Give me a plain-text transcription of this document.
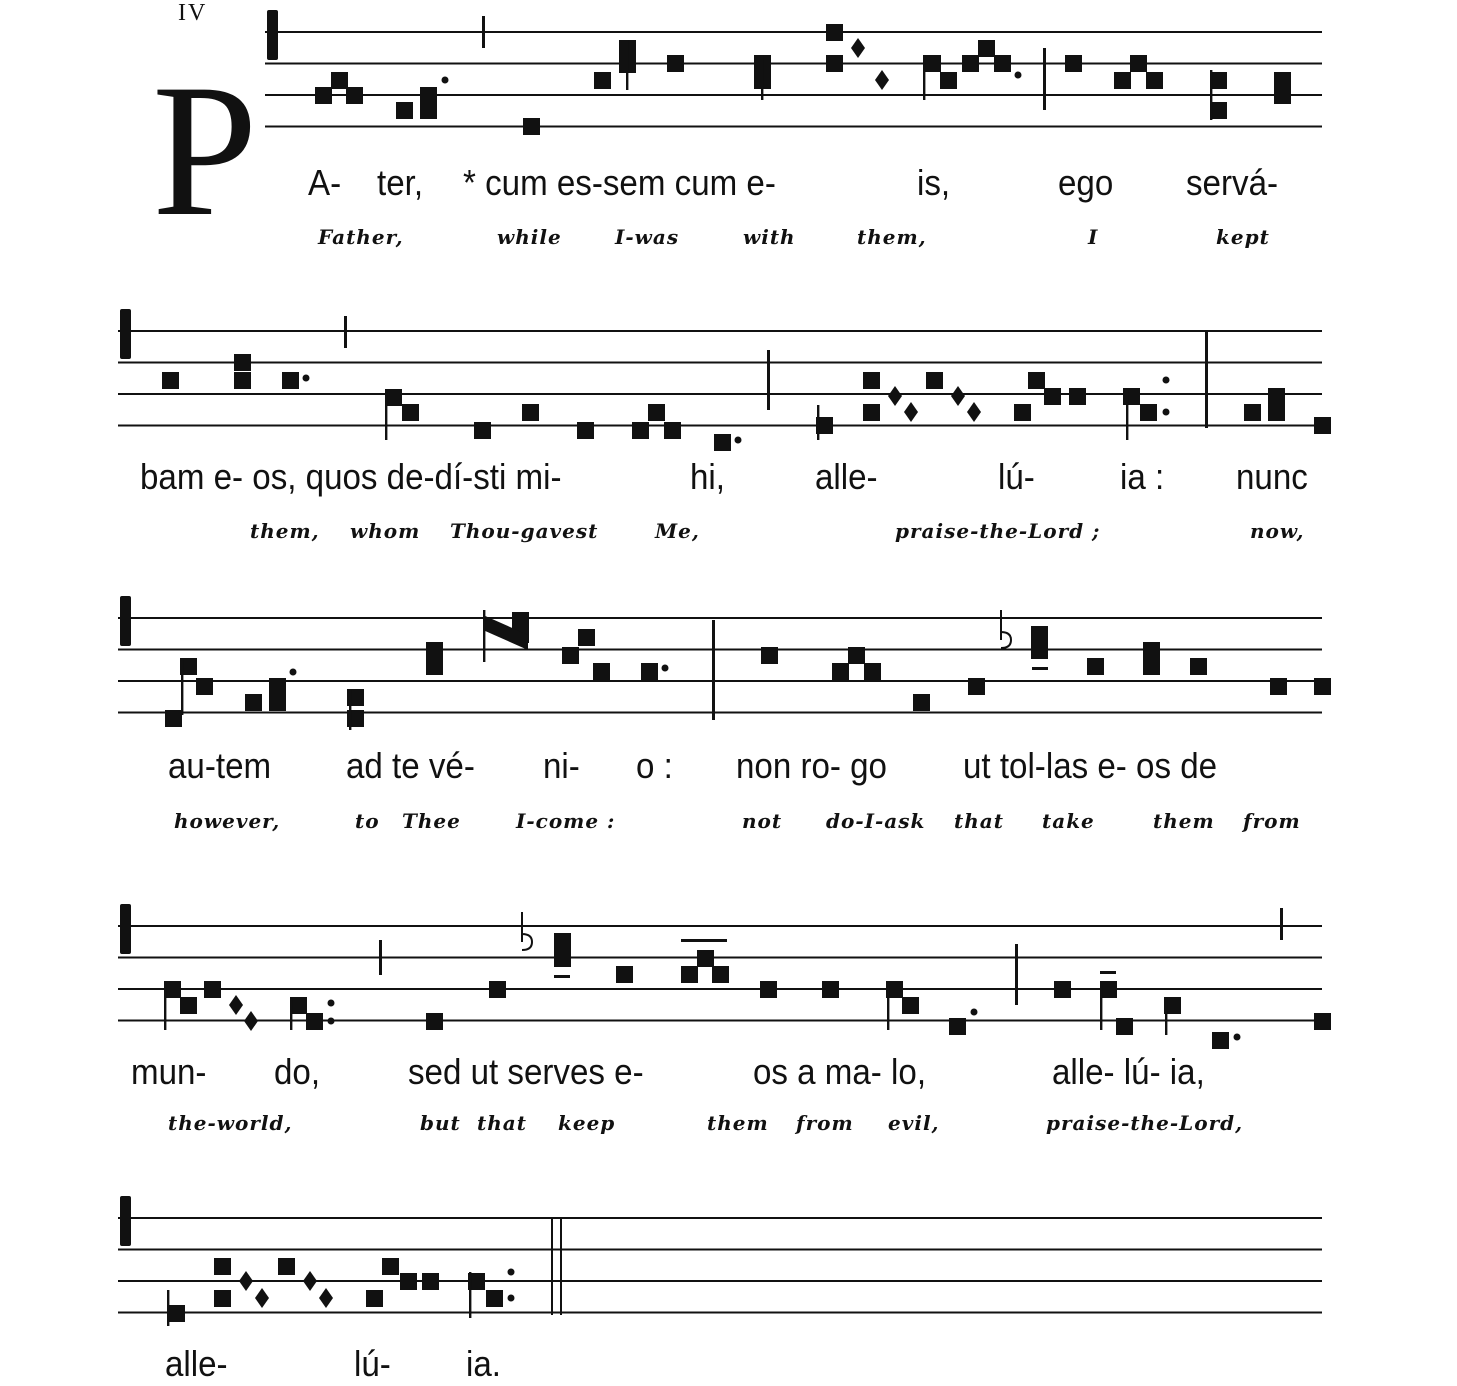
IV
P A- ter, * cum es-sem cum e-	is,	ego servá-
Father,	while	I-was	with	them,	I	kept
bam e- os, quos de-dí-sti mi-	hi,	alle-	lú- ia : nunc
them, whom Thou-gavest	Me,	praise-the-Lord ;	now,
au-tem ad te vé- ni- o : non ro- go ut tol-las e- os de
however,	to Thee	I-come :	not do-I-ask that take	them from
mun- do, sed ut serves e-	os a ma- lo,	alle- lú- ia,
the-world,	but that keep	them from evil,	praise-the-Lord,
alle-	lú- ia.
